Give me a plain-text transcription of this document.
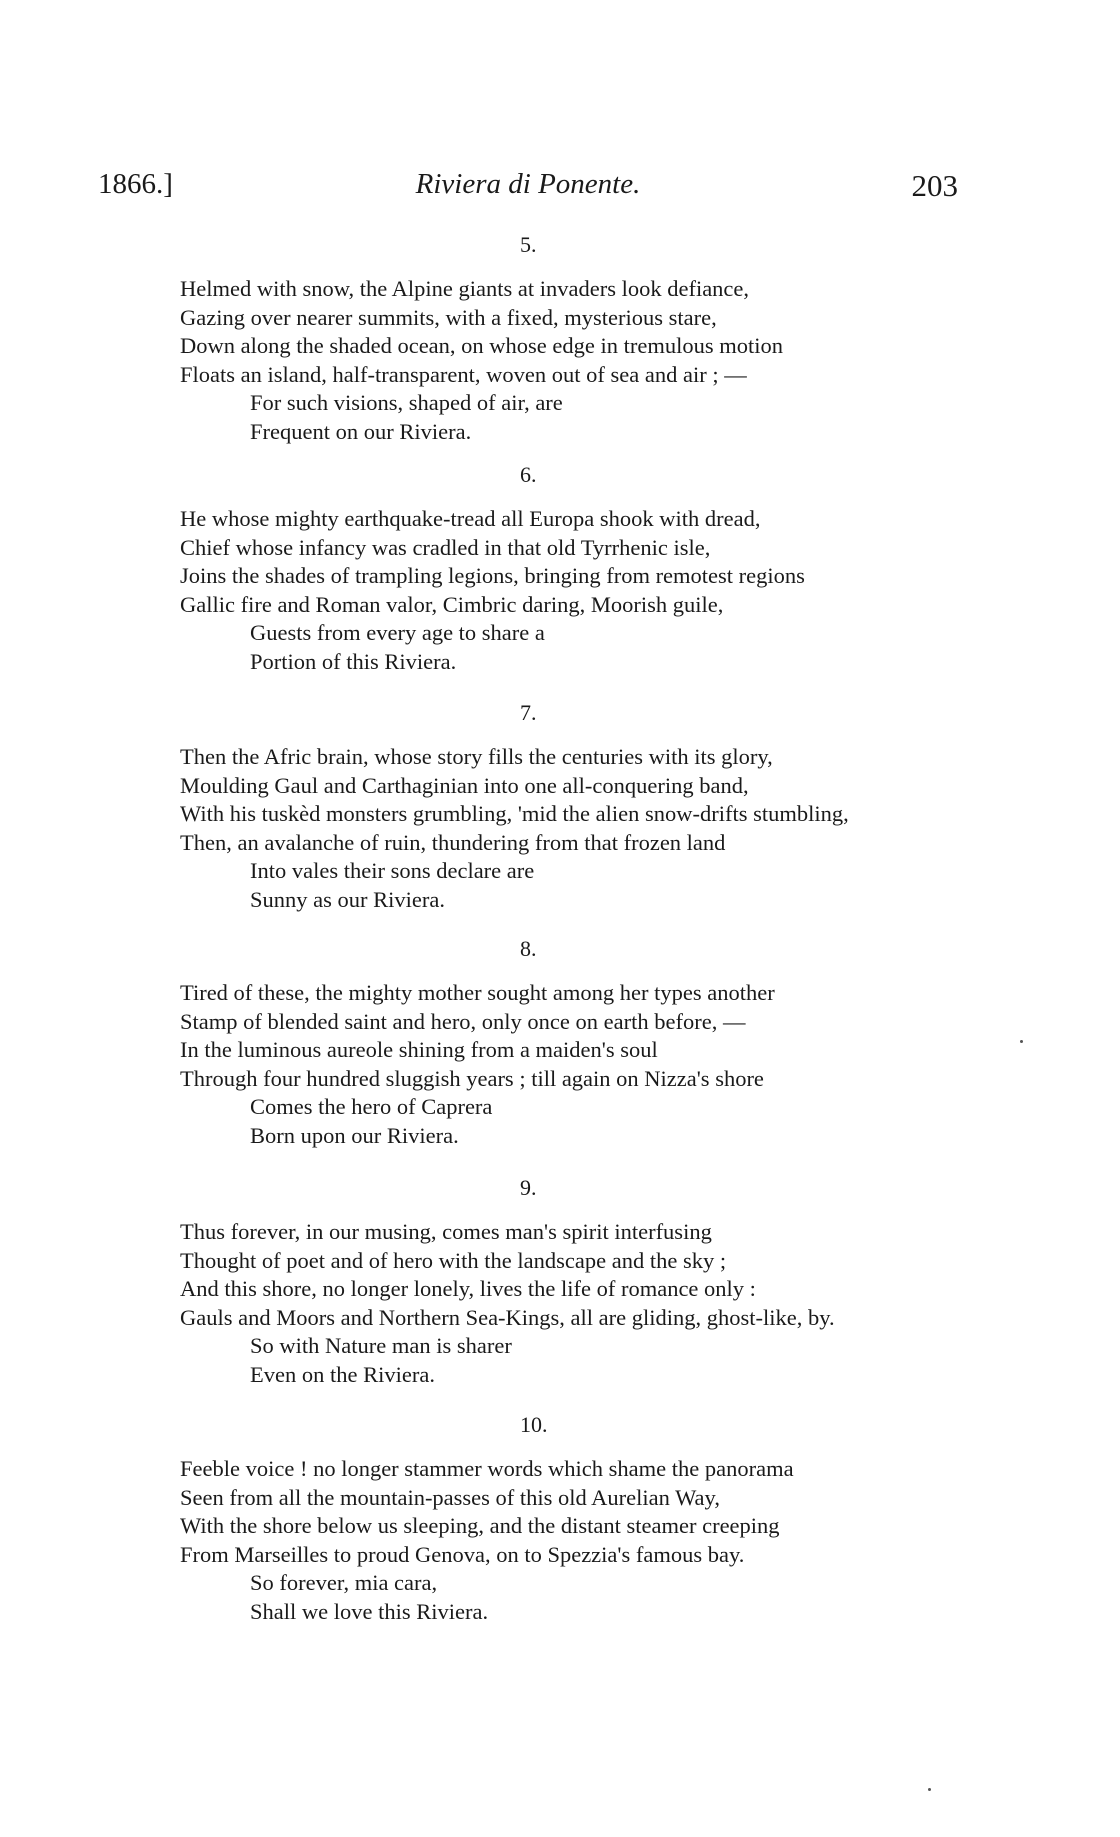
1866.]	Riviera di Ponente.	203
5.
Helmed with snow, the Alpine giants at invaders look defiance,
Gazing over nearer summits, with a fixed, mysterious stare,
Down along the shaded ocean, on whose edge in tremulous motion
Floats an island, half-transparent, woven out of sea and air ; —
For such visions, shaped of air, are
Frequent on our Riviera.
6.
He whose mighty earthquake-tread all Europa shook with dread,
Chief whose infancy was cradled in that old Tyrrhenic isle,
Joins the shades of trampling legions, bringing from remotest regions
Gallic fire and Roman valor, Cimbric daring, Moorish guile,
Guests from every age to share a
Portion of this Riviera.
7.
Then the Afric brain, whose story fills the centuries with its glory,
Moulding Gaul and Carthaginian into one all-conquering band,
With his tuskèd monsters grumbling, 'mid the alien snow-drifts stumbling,
Then, an avalanche of ruin, thundering from that frozen land
Into vales their sons declare are
Sunny as our Riviera.
8.
Tired of these, the mighty mother sought among her types another
Stamp of blended saint and hero, only once on earth before, —
In the luminous aureole shining from a maiden's soul
Through four hundred sluggish years ; till again on Nizza's shore
Comes the hero of Caprera
Born upon our Riviera.
9.
Thus forever, in our musing, comes man's spirit interfusing
Thought of poet and of hero with the landscape and the sky ;
And this shore, no longer lonely, lives the life of romance only :
Gauls and Moors and Northern Sea-Kings, all are gliding, ghost-like, by.
So with Nature man is sharer
Even on the Riviera.
10.
Feeble voice ! no longer stammer words which shame the panorama
Seen from all the mountain-passes of this old Aurelian Way,
With the shore below us sleeping, and the distant steamer creeping
From Marseilles to proud Genova, on to Spezzia's famous bay.
So forever, mia cara,
Shall we love this Riviera.
